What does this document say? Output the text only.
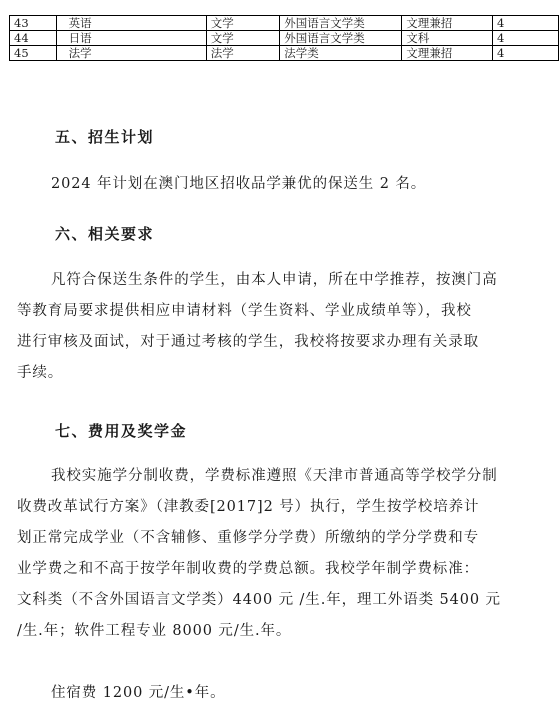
43	英语	文学	外国语言文学类	文理兼招	4
44	日语	文学	外国语言文学类	文科	4
45	法学	法学	法学类	文理兼招	4
五、招生计划
2024 年计划在澳门地区招收品学兼优的保送生 2 名。
六、相关要求
凡符合保送生条件的学生，由本人申请，所在中学推荐，按澳门高
等教育局要求提供相应申请材料（学生资料、学业成绩单等），我校
进行审核及面试，对于通过考核的学生，我校将按要求办理有关录取
手续。
七、费用及奖学金
我校实施学分制收费，学费标准遵照《天津市普通高等学校学分制
收费改革试行方案》（津教委[2017]2 号）执行，学生按学校培养计
划正常完成学业（不含辅修、重修学分学费）所缴纳的学分学费和专
业学费之和不高于按学年制收费的学费总额。我校学年制学费标准：
文科类（不含外国语言文学类）4400 元 /生.年，理工外语类 5400 元
/生.年；软件工程专业 8000 元/生.年。
住宿费 1200 元/生•年。
